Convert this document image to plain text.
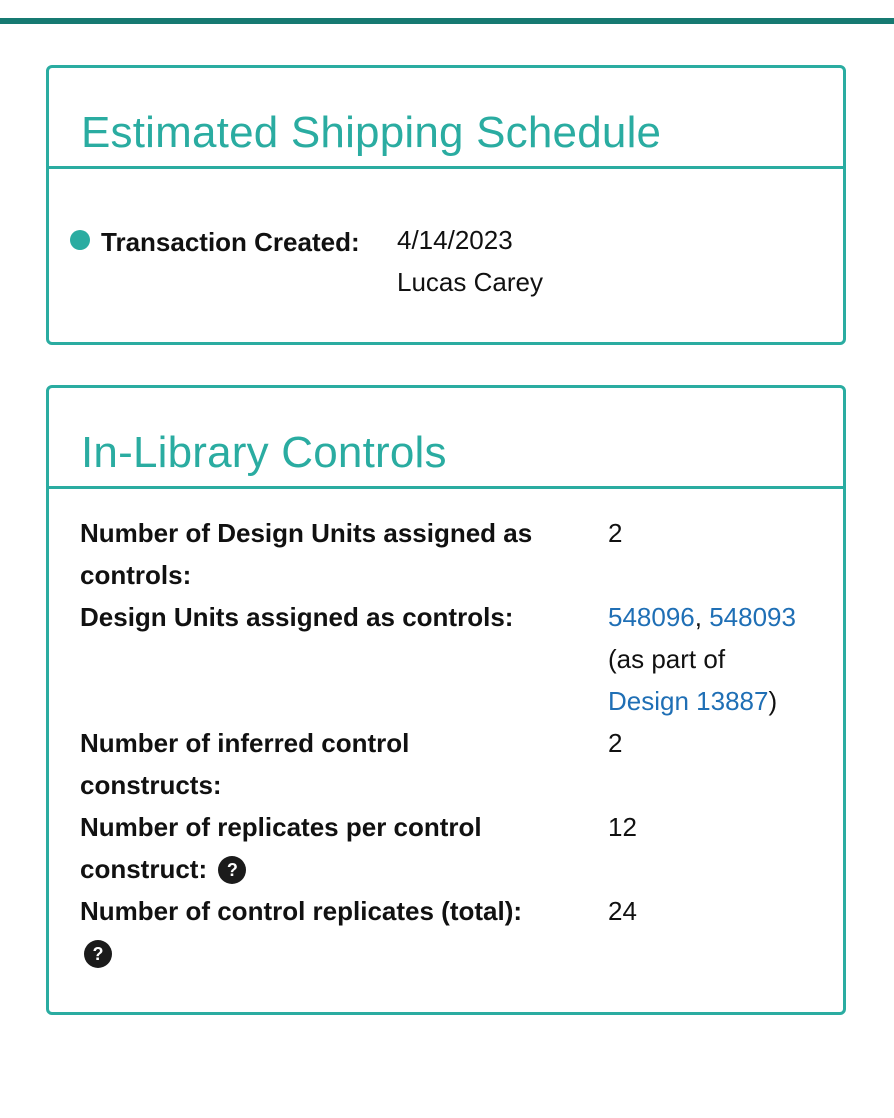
Estimated Shipping Schedule
Transaction Created: 4/14/2023
Lucas Carey
In-Library Controls
Number of Design Units assigned as controls:
2
Design Units assigned as controls:	548096, 548093
(as part of
Design 13887)
Number of inferred control constructs:
2
Number of replicates per control construct: ?
12
Number of control replicates (total):  ?
24
